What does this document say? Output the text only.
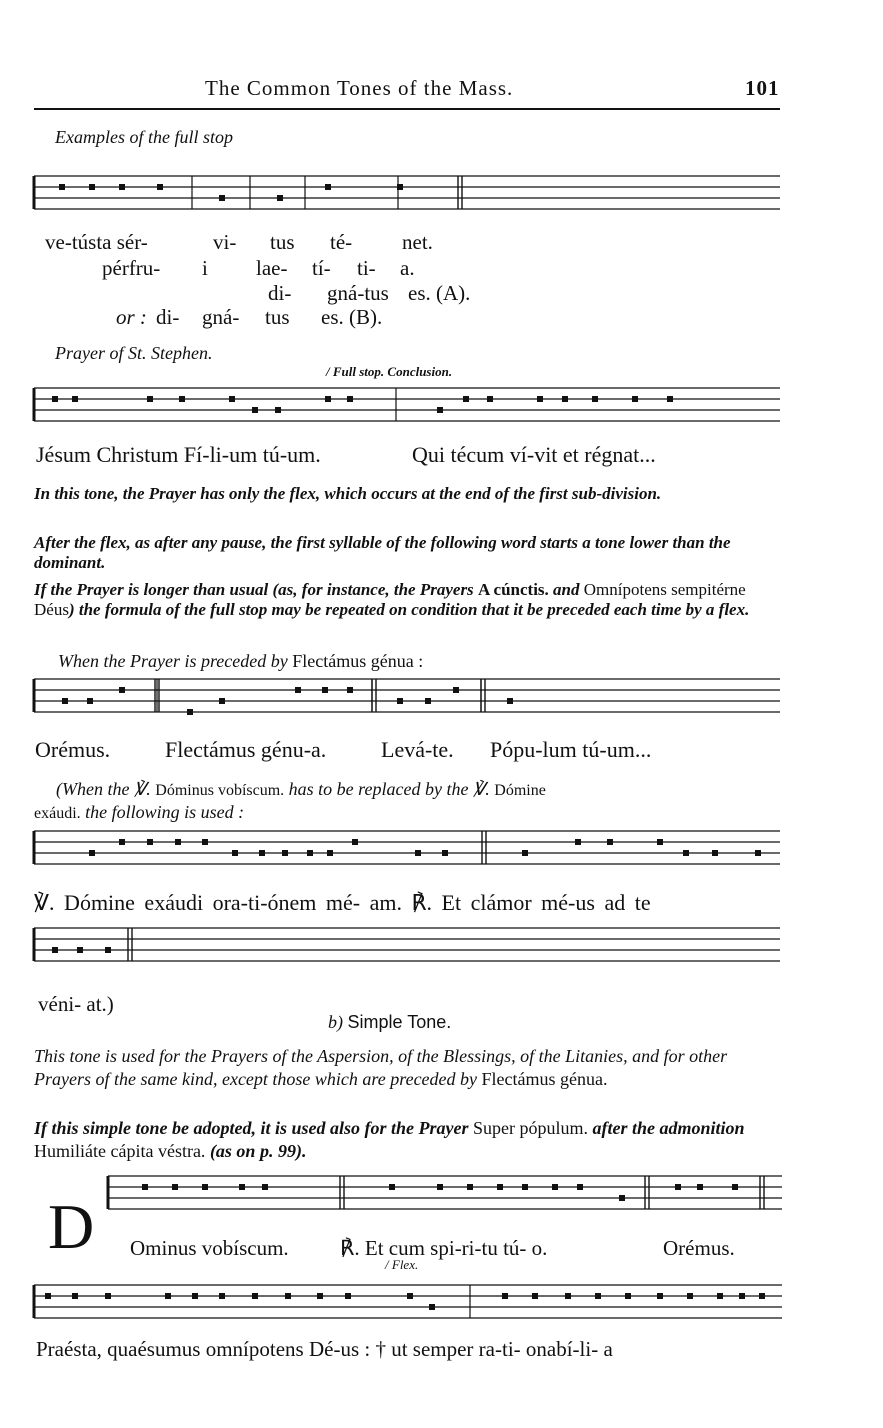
The Common Tones of the Mass.	101
Examples of the full stop
ve-tústa sér-	vi- tus té- net.
pérfru- i lae- tí- ti- a.
di- gná-tus es. (A).
or : di- gná- tus es. (B).
Prayer of St. Stephen.
/ Full stop. Conclusion.
Jésum Christum Fí-li-um tú-um.	Qui técum ví-vit et régnat...
In this tone, the Prayer has only the flex, which occurs at the end of the first sub-division.
After the flex, as after any pause, the first syllable of the following word starts a tone lower than the dominant.
If the Prayer is longer than usual (as, for instance, the Prayers A cúnctis. and Omnípotens sempitérne Déus) the formula of the full stop may be repeated on condition that it be preceded each time by a flex.
When the Prayer is preceded by Flectámus génua :
Orémus. Flectámus génu-a. Levá-te. Pópu-lum tú-um...
(When the ℣. Dóminus vobíscum. has to be replaced by the ℣. Dómine
exáudi. the following is used :
℣. Dómine exáudi ora-ti-ónem mé- am. ℟. Et clámor mé-us ad te
véni- at.)
b) Simple Tone.
This tone is used for the Prayers of the Aspersion, of the Blessings, of the Litanies, and for other Prayers of the same kind, except those which are preceded by Flectámus génua.
If this simple tone be adopted, it is used also for the Prayer Super pópulum. after the admonition Humiliáte cápita véstra. (as on p. 99).
D Ominus vobíscum. ℟. Et cum spi-ri-tu tú- o.	Orémus.
/ Flex.
Praésta, quaésumus omnípotens Dé-us : † ut semper ra-ti- onabí-li- a
